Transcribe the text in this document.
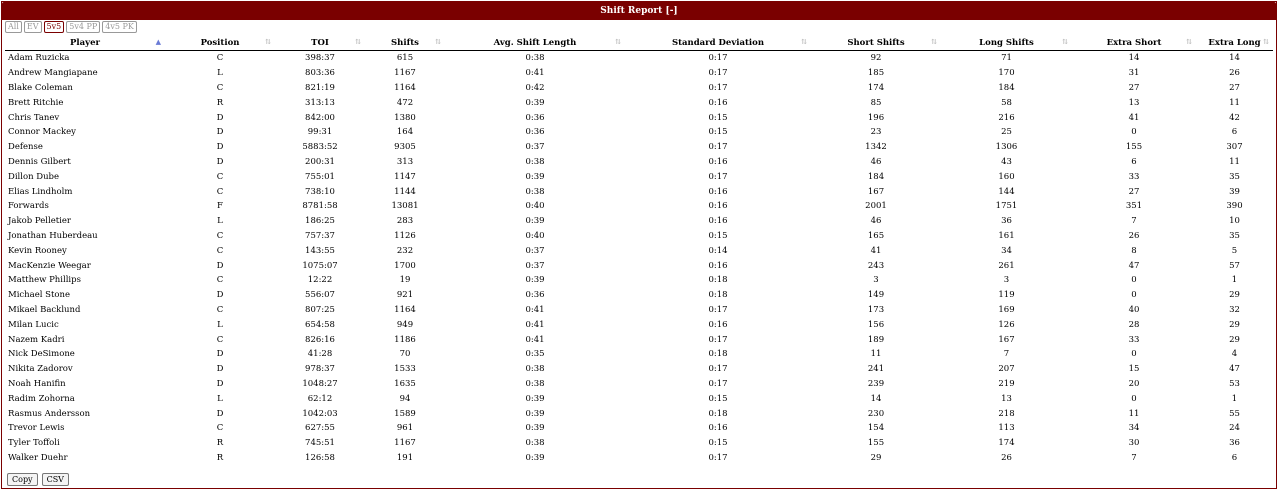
Shift Report [-]
All	EV	5v5	5v4 PP	4v5 PK
Player ▲	Position ⇅	TOI ⇅	Shifts ⇅	Avg. Shift Length ⇅	Standard Deviation ⇅	Short Shifts ⇅	Long Shifts ⇅	Extra Short ⇅	Extra Long ⇅

Adam Ruzicka	C	398:37	615	0:38	0:17	92	71	14	14
Andrew Mangiapane	L	803:36	1167	0:41	0:17	185	170	31	26
Blake Coleman	C	821:19	1164	0:42	0:17	174	184	27	27
Brett Ritchie	R	313:13	472	0:39	0:16	85	58	13	11
Chris Tanev	D	842:00	1380	0:36	0:15	196	216	41	42
Connor Mackey	D	99:31	164	0:36	0:15	23	25	0	6
Defense	D	5883:52	9305	0:37	0:17	1342	1306	155	307
Dennis Gilbert	D	200:31	313	0:38	0:16	46	43	6	11
Dillon Dube	C	755:01	1147	0:39	0:17	184	160	33	35
Elias Lindholm	C	738:10	1144	0:38	0:16	167	144	27	39
Forwards	F	8781:58	13081	0:40	0:16	2001	1751	351	390
Jakob Pelletier	L	186:25	283	0:39	0:16	46	36	7	10
Jonathan Huberdeau	C	757:37	1126	0:40	0:15	165	161	26	35
Kevin Rooney	C	143:55	232	0:37	0:14	41	34	8	5
MacKenzie Weegar	D	1075:07	1700	0:37	0:16	243	261	47	57
Matthew Phillips	C	12:22	19	0:39	0:18	3	3	0	1
Michael Stone	D	556:07	921	0:36	0:18	149	119	0	29
Mikael Backlund	C	807:25	1164	0:41	0:17	173	169	40	32
Milan Lucic	L	654:58	949	0:41	0:16	156	126	28	29
Nazem Kadri	C	826:16	1186	0:41	0:17	189	167	33	29
Nick DeSimone	D	41:28	70	0:35	0:18	11	7	0	4
Nikita Zadorov	D	978:37	1533	0:38	0:17	241	207	15	47
Noah Hanifin	D	1048:27	1635	0:38	0:17	239	219	20	53
Radim Zohorna	L	62:12	94	0:39	0:15	14	13	0	1
Rasmus Andersson	D	1042:03	1589	0:39	0:18	230	218	11	55
Trevor Lewis	C	627:55	961	0:39	0:16	154	113	34	24
Tyler Toffoli	R	745:51	1167	0:38	0:15	155	174	30	36
Walker Duehr	R	126:58	191	0:39	0:17	29	26	7	6
Copy	CSV
